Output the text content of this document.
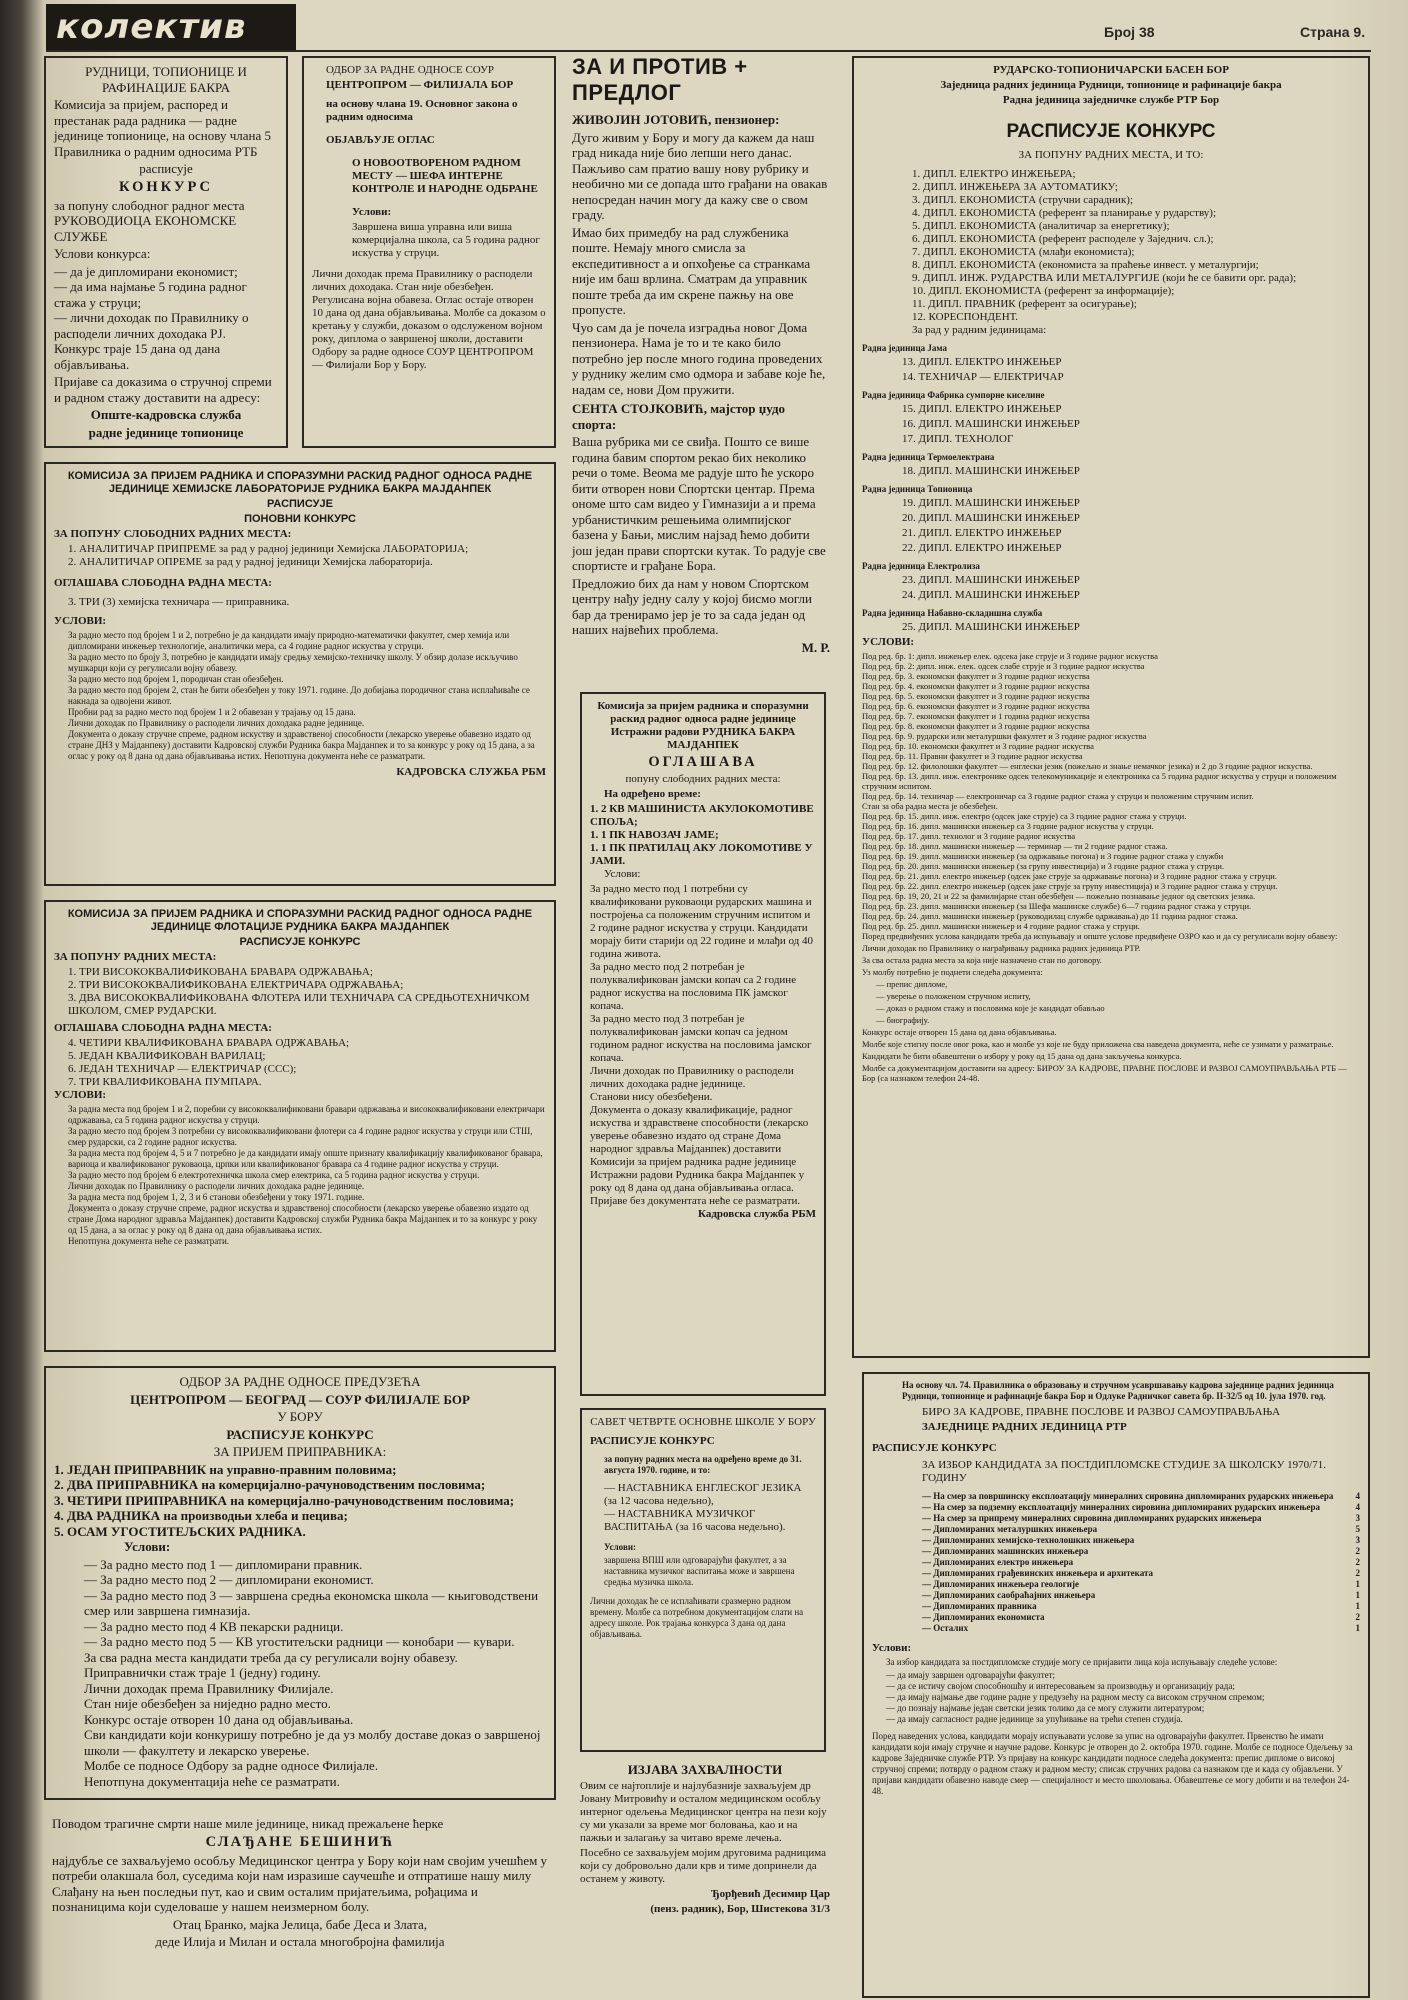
колектив	Број 38	Страна 9.

РУДНИЦИ, ТОПИОНИЦЕ И РАФИНАЦИЈЕ БАКРА

Комисија за пријем, распоред и престанак рада радника — радне јединице топионице, на основу члана 5 Правилника о радним односима РТБ

расписује

КОНКУРС

за попуну слободног радног места РУКОВОДИОЦА ЕКОНОМСКЕ СЛУЖБЕ

Услови конкурса:

— да је дипломирани економист;
— да има најмање 5 година радног стажа у струци;
— лични доходак по Правилнику о расподели личних доходака РЈ.

Конкурс траје 15 дана од дана објављивања.

Пријаве са доказима о стручној спреми и радном стажу доставити на адресу:

Опште-кадровска служба

радне јединице топионице

ОДБОР ЗА РАДНЕ ОДНОСЕ СОУР

ЦЕНТРОПРОМ — ФИЛИЈАЛА БОР

на основу члана 19. Основног закона о радним односима

ОБЈАВЉУЈЕ ОГЛАС

О НОВООТВОРЕНОМ РАДНОМ МЕСТУ — ШЕФА ИНТЕРНЕ КОНТРОЛЕ И НАРОДНЕ ОДБРАНЕ

Услови:

Завршена виша управна или виша комерцијална школа, са 5 година радног искуства у струци.

Лични доходак према Правилнику о расподели личних доходака. Стан није обезбеђен. Регулисана војна обавеза. Оглас остаје отворен 10 дана од дана објављивања. Молбе са доказом о кретању у служби, доказом о одслуженом војном року, диплома о завршеној школи, доставити Одбору за радне односе СОУР ЦЕНТРОПРОМ — Филијали Бор у Бору.

КОМИСИЈА ЗА ПРИЈЕМ РАДНИКА И СПОРАЗУМНИ РАСКИД РАДНОГ ОДНОСА РАДНЕ ЈЕДИНИЦЕ ХЕМИЈСКЕ ЛАБОРАТОРИЈЕ РУДНИКА БАКРА МАЈДАНПЕК

РАСПИСУЈЕ

ПОНОВНИ КОНКУРС

ЗА ПОПУНУ СЛОБОДНИХ РАДНИХ МЕСТА:

1. АНАЛИТИЧАР ПРИПРЕМЕ за рад у радној јединици Хемијска ЛАБОРАТОРИЈА;
2. АНАЛИТИЧАР ОПРЕМЕ за рад у радној јединици Хемијска лабораторија.

ОГЛАШАВА СЛОБОДНА РАДНА МЕСТА:

3. ТРИ (3) хемијска техничара — приправника.

УСЛОВИ:

За радно место под бројем 1 и 2, потребно је да кандидати имају природно-математички факултет, смер хемија или дипломирани инжењер технологије, аналитички мера, са 4 године радног искуства у струци.
За радно место по броју 3, потребно је кандидати имају средњу хемијско-техничку школу. У обзир долазе искључиво мушкарци који су регулисали војну обавезу.
За радно место под бројем 1, породичан стан обезбеђен.
За радно место под бројем 2, стан ће бити обезбеђен у току 1971. године. До добијања породичног стана исплаћиваће се накнада за одвојени живот.
Пробни рад за радно место под бројем 1 и 2 обавезан у трајању од 15 дана.
Лични доходак по Правилнику о расподели личних доходака радне јединице.
Документа о доказу стручне спреме, радном искуству и здравственој способности (лекарско уверење обавезно издато од стране ДНЗ у Мајданпеку) доставити Кадровској служби Рудника бакра Мајданпек и то за конкурс у року од 15 дана, а за оглас у року од 8 дана од дана објављивања истих. Непотпуна документа неће се разматрати.

КАДРОВСКА СЛУЖБА РБМ

КОМИСИЈА ЗА ПРИЈЕМ РАДНИКА И СПОРАЗУМНИ РАСКИД РАДНОГ ОДНОСА РАДНЕ ЈЕДИНИЦЕ ФЛОТАЦИЈЕ РУДНИКА БАКРА МАЈДАНПЕК

РАСПИСУЈЕ КОНКУРС

ЗА ПОПУНУ РАДНИХ МЕСТА:

1. ТРИ ВИСОКОКВАЛИФИКОВАНА БРАВАРА ОДРЖАВАЊА;
2. ТРИ ВИСОКОКВАЛИФИКОВАНА ЕЛЕКТРИЧАРА ОДРЖАВАЊА;
3. ДВА ВИСОКОКВАЛИФИКОВАНА ФЛОТЕРА ИЛИ ТЕХНИЧАРА СА СРЕДЊОТЕХНИЧКОМ ШКОЛОМ, СМЕР РУДАРСКИ.

ОГЛАШАВА СЛОБОДНА РАДНА МЕСТА:

4. ЧЕТИРИ КВАЛИФИКОВАНА БРАВАРА ОДРЖАВАЊА;
5. ЈЕДАН КВАЛИФИКОВАН ВАРИЛАЦ;
6. ЈЕДАН ТЕХНИЧАР — ЕЛЕКТРИЧАР (ССС);
7. ТРИ КВАЛИФИКОВАНА ПУМПАРА.

УСЛОВИ:

За радна места под бројем 1 и 2, поребни су висококвалификовани бравари одржавања и висококвалификовани електричари одржавања, са 5 година радног искуства у струци.
За радно место под бројем 3 потребни су висококвалификовани флотери са 4 године радног искуства у струци или СТШ, смер рударски, са 2 године радног искуства.
За радна места под бројем 4, 5 и 7 потребно је да кандидати имају опште признату квалификацију квалификованог бравара, вариоца и квалификованог руковаоца, црпки или квалификованог бравара са 4 године радног искуства у струци.
За радно место под бројем 6 електротехничка школа смер електрика, са 5 година радног искуства у струци.
Лични доходак по Правилнику о расподели личних доходака радне јединице.
За радна места под бројем 1, 2, 3 и 6 станови обезбеђени у току 1971. године.
Документа о доказу стручне спреме, радног искуства и здравственој способности (лекарско уверење обавезно издато од стране Дома народног здравља Мајданпек) доставити Кадровској служби Рудника бакра Мајданпек и то за конкурс у року од 15 дана, а за оглас у року од 8 дана од дана објављивања истих.
Непотпуна документа неће се разматрати.

ОДБОР ЗА РАДНЕ ОДНОСЕ ПРЕДУЗЕЋА

ЦЕНТРОПРОМ — БЕОГРАД — СОУР ФИЛИЈАЛЕ БОР

У БОРУ

РАСПИСУЈЕ КОНКУРС

ЗА ПРИЈЕМ ПРИПРАВНИКА:

1. ЈЕДАН ПРИПРАВНИК на управно-правним половима;
2. ДВА ПРИПРАВНИКА на комерцијално-рачуноводственим пословима;
3. ЧЕТИРИ ПРИПРАВНИКА на комерцијално-рачуноводственим пословима;
4. ДВА РАДНИКА на производњи хлеба и пецива;
5. ОСАМ УГОСТИТЕЉСКИХ РАДНИКА.

Услови:

— За радно место под 1 — дипломирани правник.
— За радно место под 2 — дипломирани економист.
— За радно место под 3 — завршена средња економска школа — књиговодствени смер или завршена гимназија.
— За радно место под 4 КВ пекарски радници.
— За радно место под 5 — КВ угоститељски радници — конобари — кувари.
За сва радна места кандидати треба да су регулисали војну обавезу.
Приправнички стаж траје 1 (једну) годину.
Лични доходак према Правилнику Филијале.
Стан није обезбеђен за ниједно радно место.
Конкурс остаје отворен 10 дана од објављивања.
Сви кандидати који конкуришу потребно је да уз молбу доставе доказ о завршеној школи — факултету и лекарско уверење.
Молбе се подносе Одбору за радне односе Филијале.
Непотпуна документација неће се разматрати.

Поводом трагичне смрти наше миле јединице, никад прежаљене ћерке

СЛАЂАНЕ БЕШИНИЋ

најдубље се захваљујемо особљу Медицинског центра у Бору који нам својим учешћем у потреби олакшала бол, суседима који нам изразише саучешће и отпратише нашу милу Слађану на њен последњи пут, као и свим осталим пријатељима, рођацима и познаницима који суделоваше у нашем неизмерном болу.

Отац Бранко, мајка Јелица, бабе Деса и Злата,

деде Илија и Милан и остала многобројна фамилија

ЗА И ПРОТИВ + ПРЕДЛОГ

ЖИВОЈИН ЈОТОВИЋ, пензионер:

Дуго живим у Бору и могу да кажем да наш град никада није био лепши него данас. Пажљиво сам пратио вашу нову рубрику и необично ми се допада што грађани на овакав непосредан начин могу да кажу све о свом граду.

Имао бих примедбу на рад службеника поште. Немају много смисла за експедитивност а и опхођење са странкама није им баш врлина. Сматрам да управник поште треба да им скрене пажњу на ове пропусте.

Чуо сам да је почела изградња новог Дома пензионера. Нама је то и те како било потребно јер после много година проведених у руднику желим смо одмора и забаве које ће, надам се, нови Дом пружити.

СЕНТА СТОЈКОВИЋ, мајстор џудо спорта:

Ваша рубрика ми се свиђа. Пошто се више година бавим спортом рекао бих неколико речи о томе. Веома ме радује што ће ускоро бити отворен нови Спортски центар. Према ономе што сам видео у Гимназији а и према урбанистичким решењима олимпијског базена у Бањи, мислим најзад ћемо добити још један прави спортски кутак. То радује све спортисте и грађане Бора.

Предложио бих да нам у новом Спортском центру нађу једну салу у којој бисмо могли бар да тренирамо јер је то за сада један од наших највећих проблема.

М. Р.

Комисија за пријем радника и споразумни раскид радног односа радне јединице Истражни радови РУДНИКА БАКРА МАЈДАНПЕК

ОГЛАШАВА

попуну слободних радних места:

На одређено време:

1. 2 КВ МАШИНИСТА АКУЛОКОМОТИВЕ СПОЉА;
1. 1 ПК НАВОЗАЧ ЈАМЕ;
1. 1 ПК ПРАТИЛАЦ АКУ ЛОКОМОТИВЕ У ЈАМИ.

Услови:

За радно место под 1 потребни су квалификовани руковаоци рударских машина и постројења са положеним стручним испитом и 2 године радног искуства у струци. Кандидати морају бити старији од 22 године и млађи од 40 година живота.
За радно место под 2 потребан је полуквалификован јамски копач са 2 године радног искуства на пословима ПК јамског копача.
За радно место под 3 потребан је полуквалификован јамски копач са једном годином радног искуства на пословима јамског копача.
Лични доходак по Правилнику о расподели личних доходака радне јединице.
Станови нису обезбеђени.
Документа о доказу квалификације, радног искуства и здравствене способности (лекарско уверење обавезно издато од стране Дома народног здравља Мајданпек) доставити Комисији за пријем радника радне јединице Истражни радови Рудника бакра Мајданпек у року од 8 дана од дана објављивања огласа.
Пријаве без документата неће се разматрати.

Кадровска служба РБМ

САВЕТ ЧЕТВРТЕ ОСНОВНЕ ШКОЛЕ У БОРУ

РАСПИСУЈЕ КОНКУРС

за попуну радних места на одређено време до 31. августа 1970. године, и то:

— НАСТАВНИКА ЕНГЛЕСКОГ ЈЕЗИКА (за 12 часова недељно),
— НАСТАВНИКА МУЗИЧКОГ ВАСПИТАЊА (за 16 часова недељно).

Услови:

завршена ВПШ или одговарајући факултет, а за наставника музичког васпитања може и завршена средња музичка школа.

Лични доходак ће се исплаћивати сразмерно радном времену. Молбе са потребном документацијом слати на адресу школе. Рок трајања конкурса 3 дана од дана објављивања.

ИЗЈАВА ЗАХВАЛНОСТИ

Овим се најтоплије и најлубазније захваљујем др Јовану Митровићу и осталом медицинском особљу интерног одељења Медицинског центра на пези коју су ми указали за време мог боловања, као и на пажњи и залагању за читаво време лечења.

Посебно се захваљујем мојим друговима радницима који су добровољно дали крв и тиме допринели да останем у животу.

Ђорђевић Десимир Цар

(пенз. радник), Бор, Шистекова 31/3

РУДАРСКО-ТОПИОНИЧАРСКИ БАСЕН БОР

Заједница радних јединица Рудници, топионице и рафинације бакра

Радна јединица заједничке службе РТР Бор

РАСПИСУЈЕ КОНКУРС

ЗА ПОПУНУ РАДНИХ МЕСТА, И ТО:

1. ДИПЛ. ЕЛЕКТРО ИНЖЕЊЕРА;
2. ДИПЛ. ИНЖЕЊЕРА ЗА АУТОМАТИКУ;
3. ДИПЛ. ЕКОНОМИСТА (стручни сарадник);
4. ДИПЛ. ЕКОНОМИСТА (референт за планирање у рударству);
5. ДИПЛ. ЕКОНОМИСТА (аналитичар за енергетику);
6. ДИПЛ. ЕКОНОМИСТА (референт расподеле у Заједнич. сл.);
7. ДИПЛ. ЕКОНОМИСТА (млађи економиста);
8. ДИПЛ. ЕКОНОМИСТА (економиста за праћење инвест. у металургији;
9. ДИПЛ. ИНЖ. РУДАРСТВА ИЛИ МЕТАЛУРГИЈЕ (који ће се бавити орг. рада);
10. ДИПЛ. ЕКОНОМИСТА (референт за информације);
11. ДИПЛ. ПРАВНИК (референт за осигурање);
12. КОРЕСПОНДЕНТ.

За рад у радним јединицама:

Радна јединица Јама

13. ДИПЛ. ЕЛЕКТРО ИНЖЕЊЕР

14. ТЕХНИЧАР — ЕЛЕКТРИЧАР

Радна јединица Фабрика сумпорне киселине

15. ДИПЛ. ЕЛЕКТРО ИНЖЕЊЕР

16. ДИПЛ. МАШИНСКИ ИНЖЕЊЕР

17. ДИПЛ. ТЕХНОЛОГ

Радна јединица Термоелектрана

18. ДИПЛ. МАШИНСКИ ИНЖЕЊЕР

Радна јединица Топионица

19. ДИПЛ. МАШИНСКИ ИНЖЕЊЕР

20. ДИПЛ. МАШИНСКИ ИНЖЕЊЕР

21. ДИПЛ. ЕЛЕКТРО ИНЖЕЊЕР

22. ДИПЛ. ЕЛЕКТРО ИНЖЕЊЕР

Радна јединица Електролиза

23. ДИПЛ. МАШИНСКИ ИНЖЕЊЕР

24. ДИПЛ. МАШИНСКИ ИНЖЕЊЕР

Радна јединица Набавно-складишна служба

25. ДИПЛ. МАШИНСКИ ИНЖЕЊЕР

УСЛОВИ:

Под ред. бр. 1: дипл. инжењер елек. одсека јаке струје и 3 године радног искуства
Под ред. бр. 2: дипл. инж. елек. одсек слабе струје и 3 године радног искуства
Под ред. бр. 3. економски факултет и 3 године радног искуства
Под ред. бр. 4. економски факултет и 3 године радног искуства
Под ред. бр. 5. економски факултет и 3 године радног искуства
Под ред. бр. 6. економски факултет и 3 године радног искуства
Под ред. бр. 7. економски факултет и 1 година радног искуства
Под ред. бр. 8. економски факултет и 3 године радног искуства
Под ред. бр. 9. рударски или металуршки факултет и 3 године радног искуства
Под ред. бр. 10. економски факултет и 3 године радног искуства
Под ред. бр. 11. Правни факултет и 3 године радног искуства
Под ред. бр. 12. филолошки факултет — енглески језик (пожељно и знање немачког језика) и 2 до 3 године радног искуства.
Под ред. бр. 13. дипл. инж. електронике одсек телекомуникације и електроника са 5 година радног искуства у струци и положеним стручним испитом.
Под ред. бр. 14. техничар — електроничар са 3 године радног стажа у струци и положеним стручним испит.
Стан за оба радна места је обезбеђен.
Под ред. бр. 15. дипл. инж. електро (одсек јаке струје) са 3 године радног стажа у струци.
Под ред. бр. 16. дипл. машински инжењер са 3 године радног искуства у струци.
Под ред. бр. 17. дипл. технолог и 3 године радног искуства
Под ред. бр. 18. дипл. машински инжењер — терминар — ти 2 године радног стажа.
Под ред. бр. 19. дипл. машински инжењер (за одржавање погона) и 3 године радног стажа у служби
Под ред. бр. 20. дипл. машински инжењер (за групу инвестиција) и 3 године радног стажа у струци.
Под ред. бр. 21. дипл. електро инжењер (одсек јаке струје за одржавање погона) и 3 године радног стажа у струци.
Под ред. бр. 22. дипл. електро инжењер (одсек јаке струје за групу инвестиција) и 3 године радног стажа у струци.
Под ред. бр. 19, 20, 21 и 22 за фамилијарне стан обезбеђен — пожељно познавање једног од светских језика.
Под ред. бр. 23. дипл. машински инжењер (за Шефа машинске службе) 6—7 година радног стажа у струци.
Под ред. бр. 24. дипл. машински инжењер (руководилац службе одржавања) до 11 година радног стажа.
Под ред. бр. 25. дипл. машински инжењер и 4 године радног стажа у струци.

Поред предвиђених услова кандидати треба да испуњавају и опште услове предвиђене ОЗРО као и да су регулисали војну обавезу:

Лични доходак по Правилнику о награђивању радника радних јединица РТР.

За сва остала радна места за која није назначено стан по договору.

Уз молбу потребно је поднети следећа документа:

— препис дипломе,

— уверење о положеном стручном испиту,

— доказ о радном стажу и пословима које је кандидат обављао

— биографију.

Конкурс остаје отворен 15 дана од дана објављивања.

Молбе које стигну после овог рока, као и молбе уз које не буду приложена сва наведена документа, неће се узимати у разматрање.

Кандидати ће бити обавештени о избору у року од 15 дана од дана закључења конкурса.

Молбе са документацијом доставити на адресу: БИРОУ ЗА КАДРОВЕ, ПРАВНЕ ПОСЛОВЕ И РАЗВОЈ САМОУПРАВЉАЊА РТБ — Бор (са назнаком телефон 24-48.

На основу чл. 74. Правилника о образовању и стручном усавршавању кадрова заједнице радних јединица Рудници, топионице и рафинације бакра Бор и Одлуке Радничког савета бр. II-32/5 од 10. јула 1970. год.

БИРО ЗА КАДРОВЕ, ПРАВНЕ ПОСЛОВЕ И РАЗВОЈ САМОУПРАВЉАЊА

ЗАЈЕДНИЦЕ РАДНИХ ЈЕДИНИЦА РТР

РАСПИСУЈЕ КОНКУРС

ЗА ИЗБОР КАНДИДАТА ЗА ПОСТДИПЛОМСКЕ СТУДИЈЕ ЗА ШКОЛСКУ 1970/71. ГОДИНУ

— На смер за површинску експлоатацију минералних сировина дипломираних рударских инжењера	4
— На смер за подземну експлоатацију минералних сировина дипломираних рударских инжењера	4
— На смер за припрему минералних сировина дипломираних рударских инжењера	3
— Дипломираних металуршких инжењера	5
— Дипломираних хемијско-технолошких инжењера	3
— Дипломираних машинских инжењера	2
— Дипломираних електро инжењера	2
— Дипломираних грађевинских инжењера и архитеката	2
— Дипломираних инжењера геологије	1
— Дипломираних саобраћајних инжењера	1
— Дипломираних правника	1
— Дипломираних економиста	2
— Осталих	1

Услови:

За избор кандидата за постдипломске студије могу се пријавити лица која испуњавају следеће услове:

— да имају завршен одговарајући факултет;
— да се истичу својом способношћу и интересовањем за производњу и организацију рада;
— да имају најмање две године радне у предузећу на радном месту са високом стручном спремом;
— до познају најмање један светски језик толико да се могу служити литературом;
— да имају сагласност радне јединице за упућивање на трећи степен студија.

Поред наведених услова, кандидати морају испуњавати услове за упис на одговарајући факултет. Првенство ће имати кандидати који имају стручне и научне радове. Конкурс је отворен до 2. октобра 1970. године. Молбе се подносе Одељењу за кадрове Заједничке службе РТР. Уз пријаву на конкурс кандидати подносе следећа документа: препис дипломе о високој стручној спреми; потврду о радном стажу и радном месту; списак стручних радова са назнаком где и када су објављени. У пријави кандидати обавезно наводе смер — специјалност и место школовања. Обавештење се могу добити и на телефон 24-48.
